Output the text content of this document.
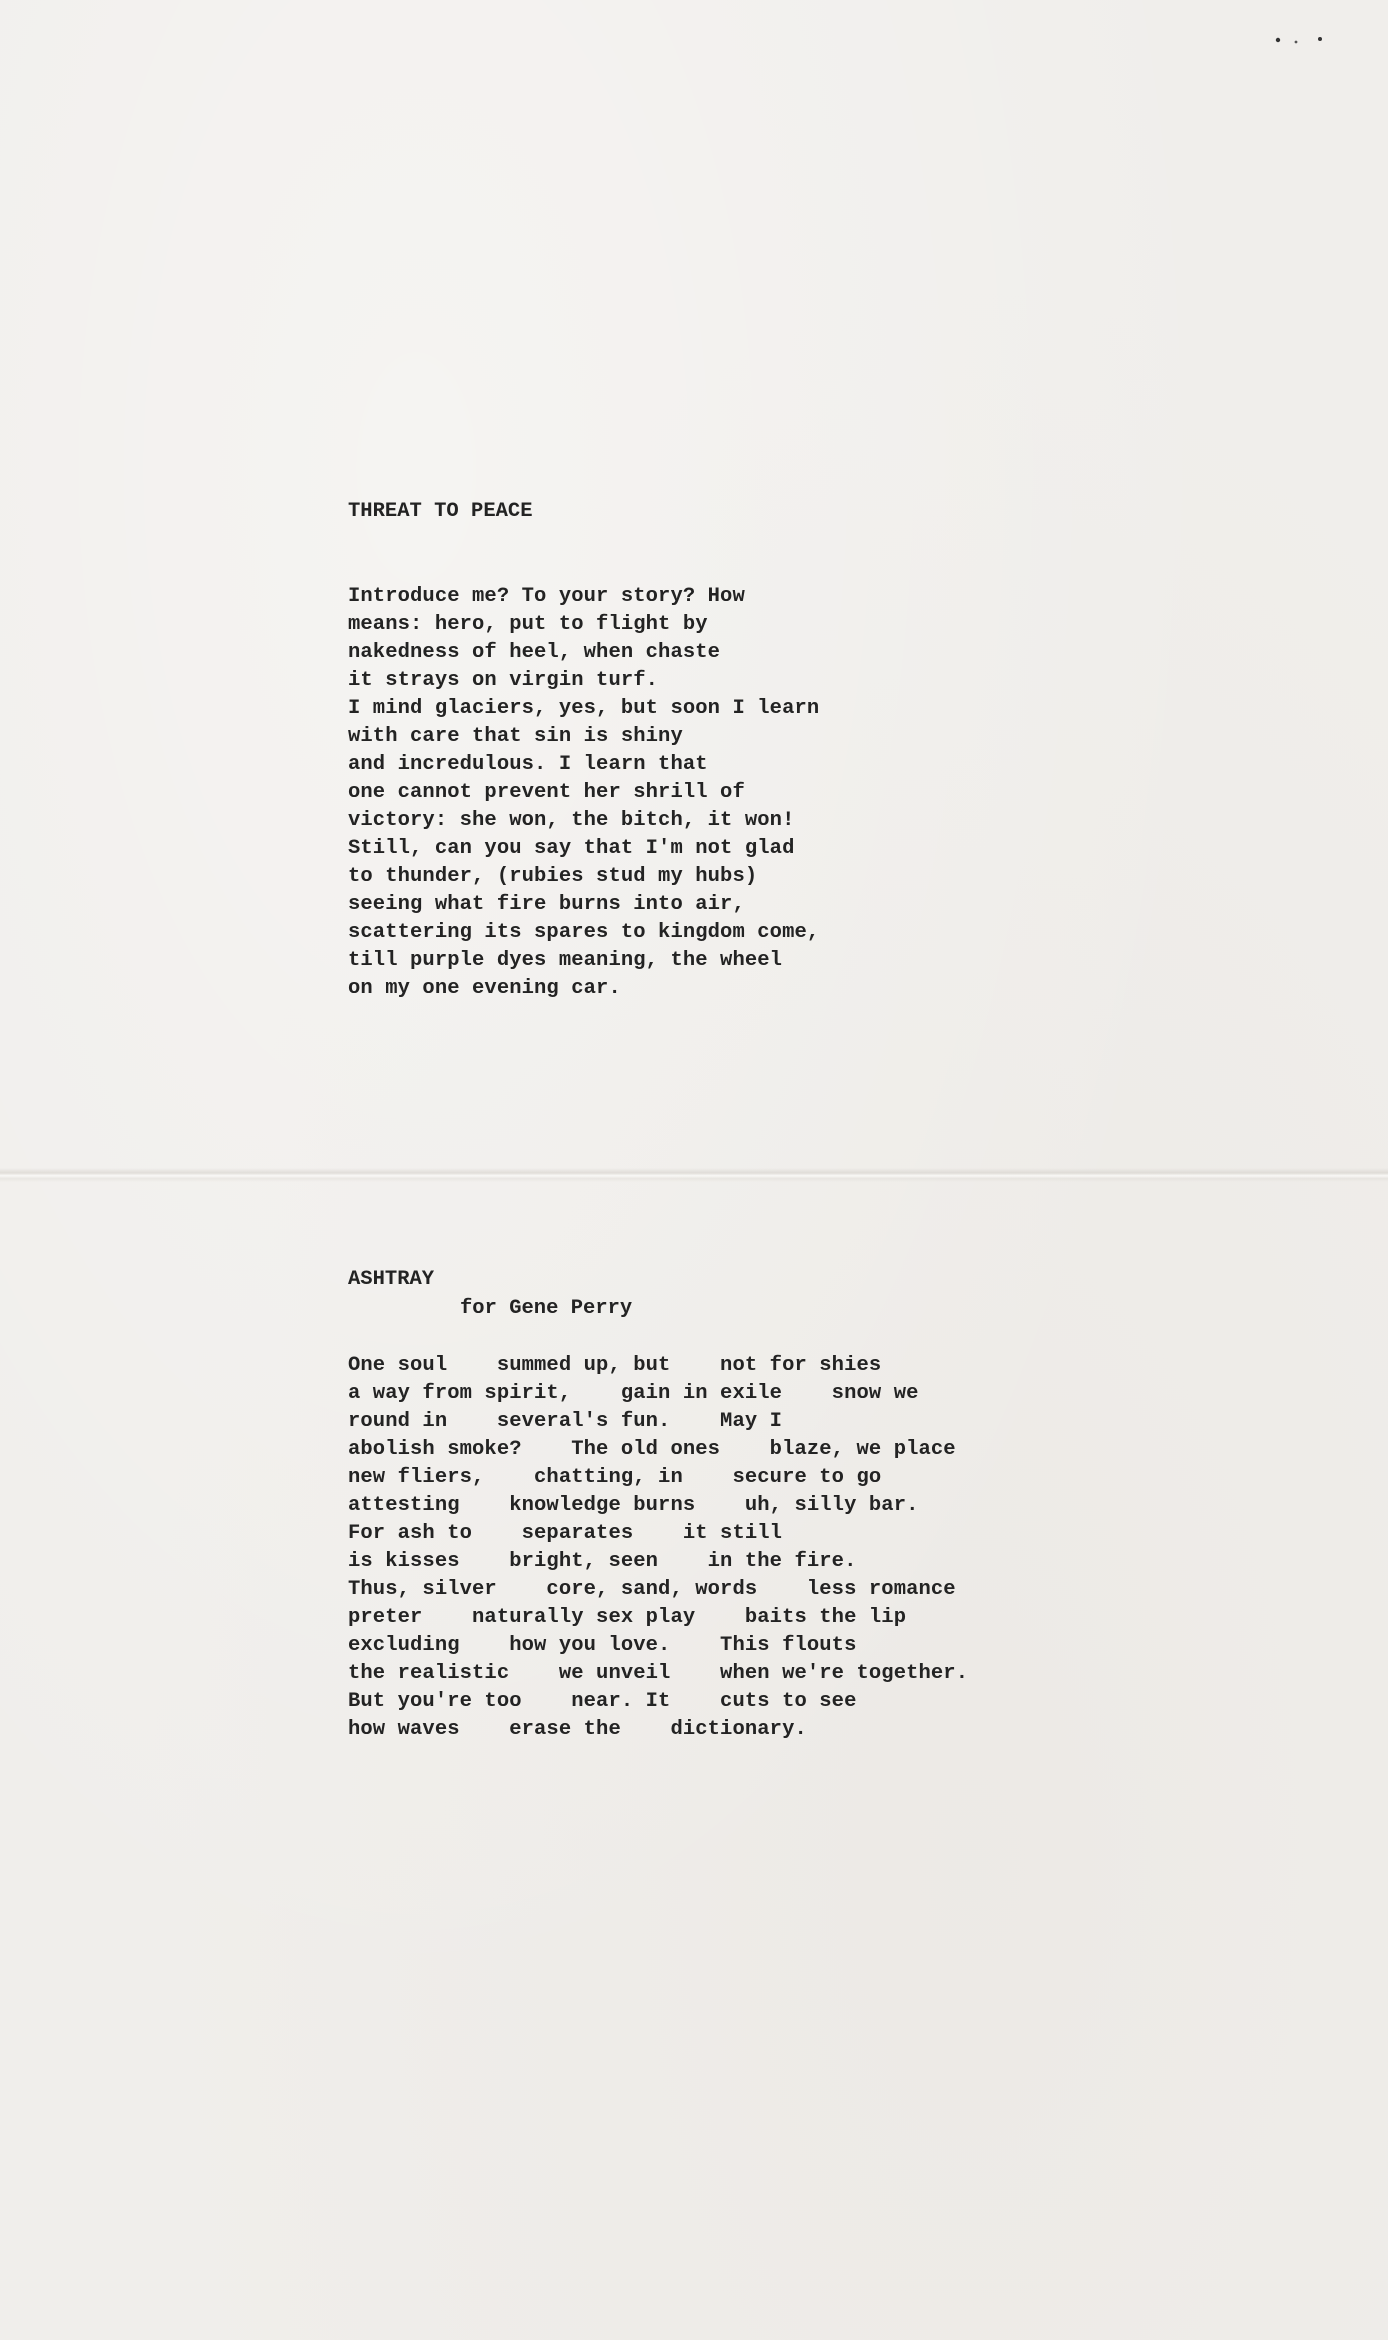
THREAT TO PEACE
Introduce me? To your story? How
means: hero, put to flight by
nakedness of heel, when chaste
it strays on virgin turf.
I mind glaciers, yes, but soon I learn
with care that sin is shiny
and incredulous. I learn that
one cannot prevent her shrill of
victory: she won, the bitch, it won!
Still, can you say that I'm not glad
to thunder, (rubies stud my hubs)
seeing what fire burns into air,
scattering its spares to kingdom come,
till purple dyes meaning, the wheel
on my one evening car.
ASHTRAY
for Gene Perry
One soul    summed up, but    not for shies
a way from spirit,    gain in exile    snow we
round in    several's fun.    May I
abolish smoke?    The old ones    blaze, we place
new fliers,    chatting, in    secure to go
attesting    knowledge burns    uh, silly bar.
For ash to    separates    it still
is kisses    bright, seen    in the fire.
Thus, silver    core, sand, words    less romance
preter    naturally sex play    baits the lip
excluding    how you love.    This flouts
the realistic    we unveil    when we're together.
But you're too    near. It    cuts to see
how waves    erase the    dictionary.
